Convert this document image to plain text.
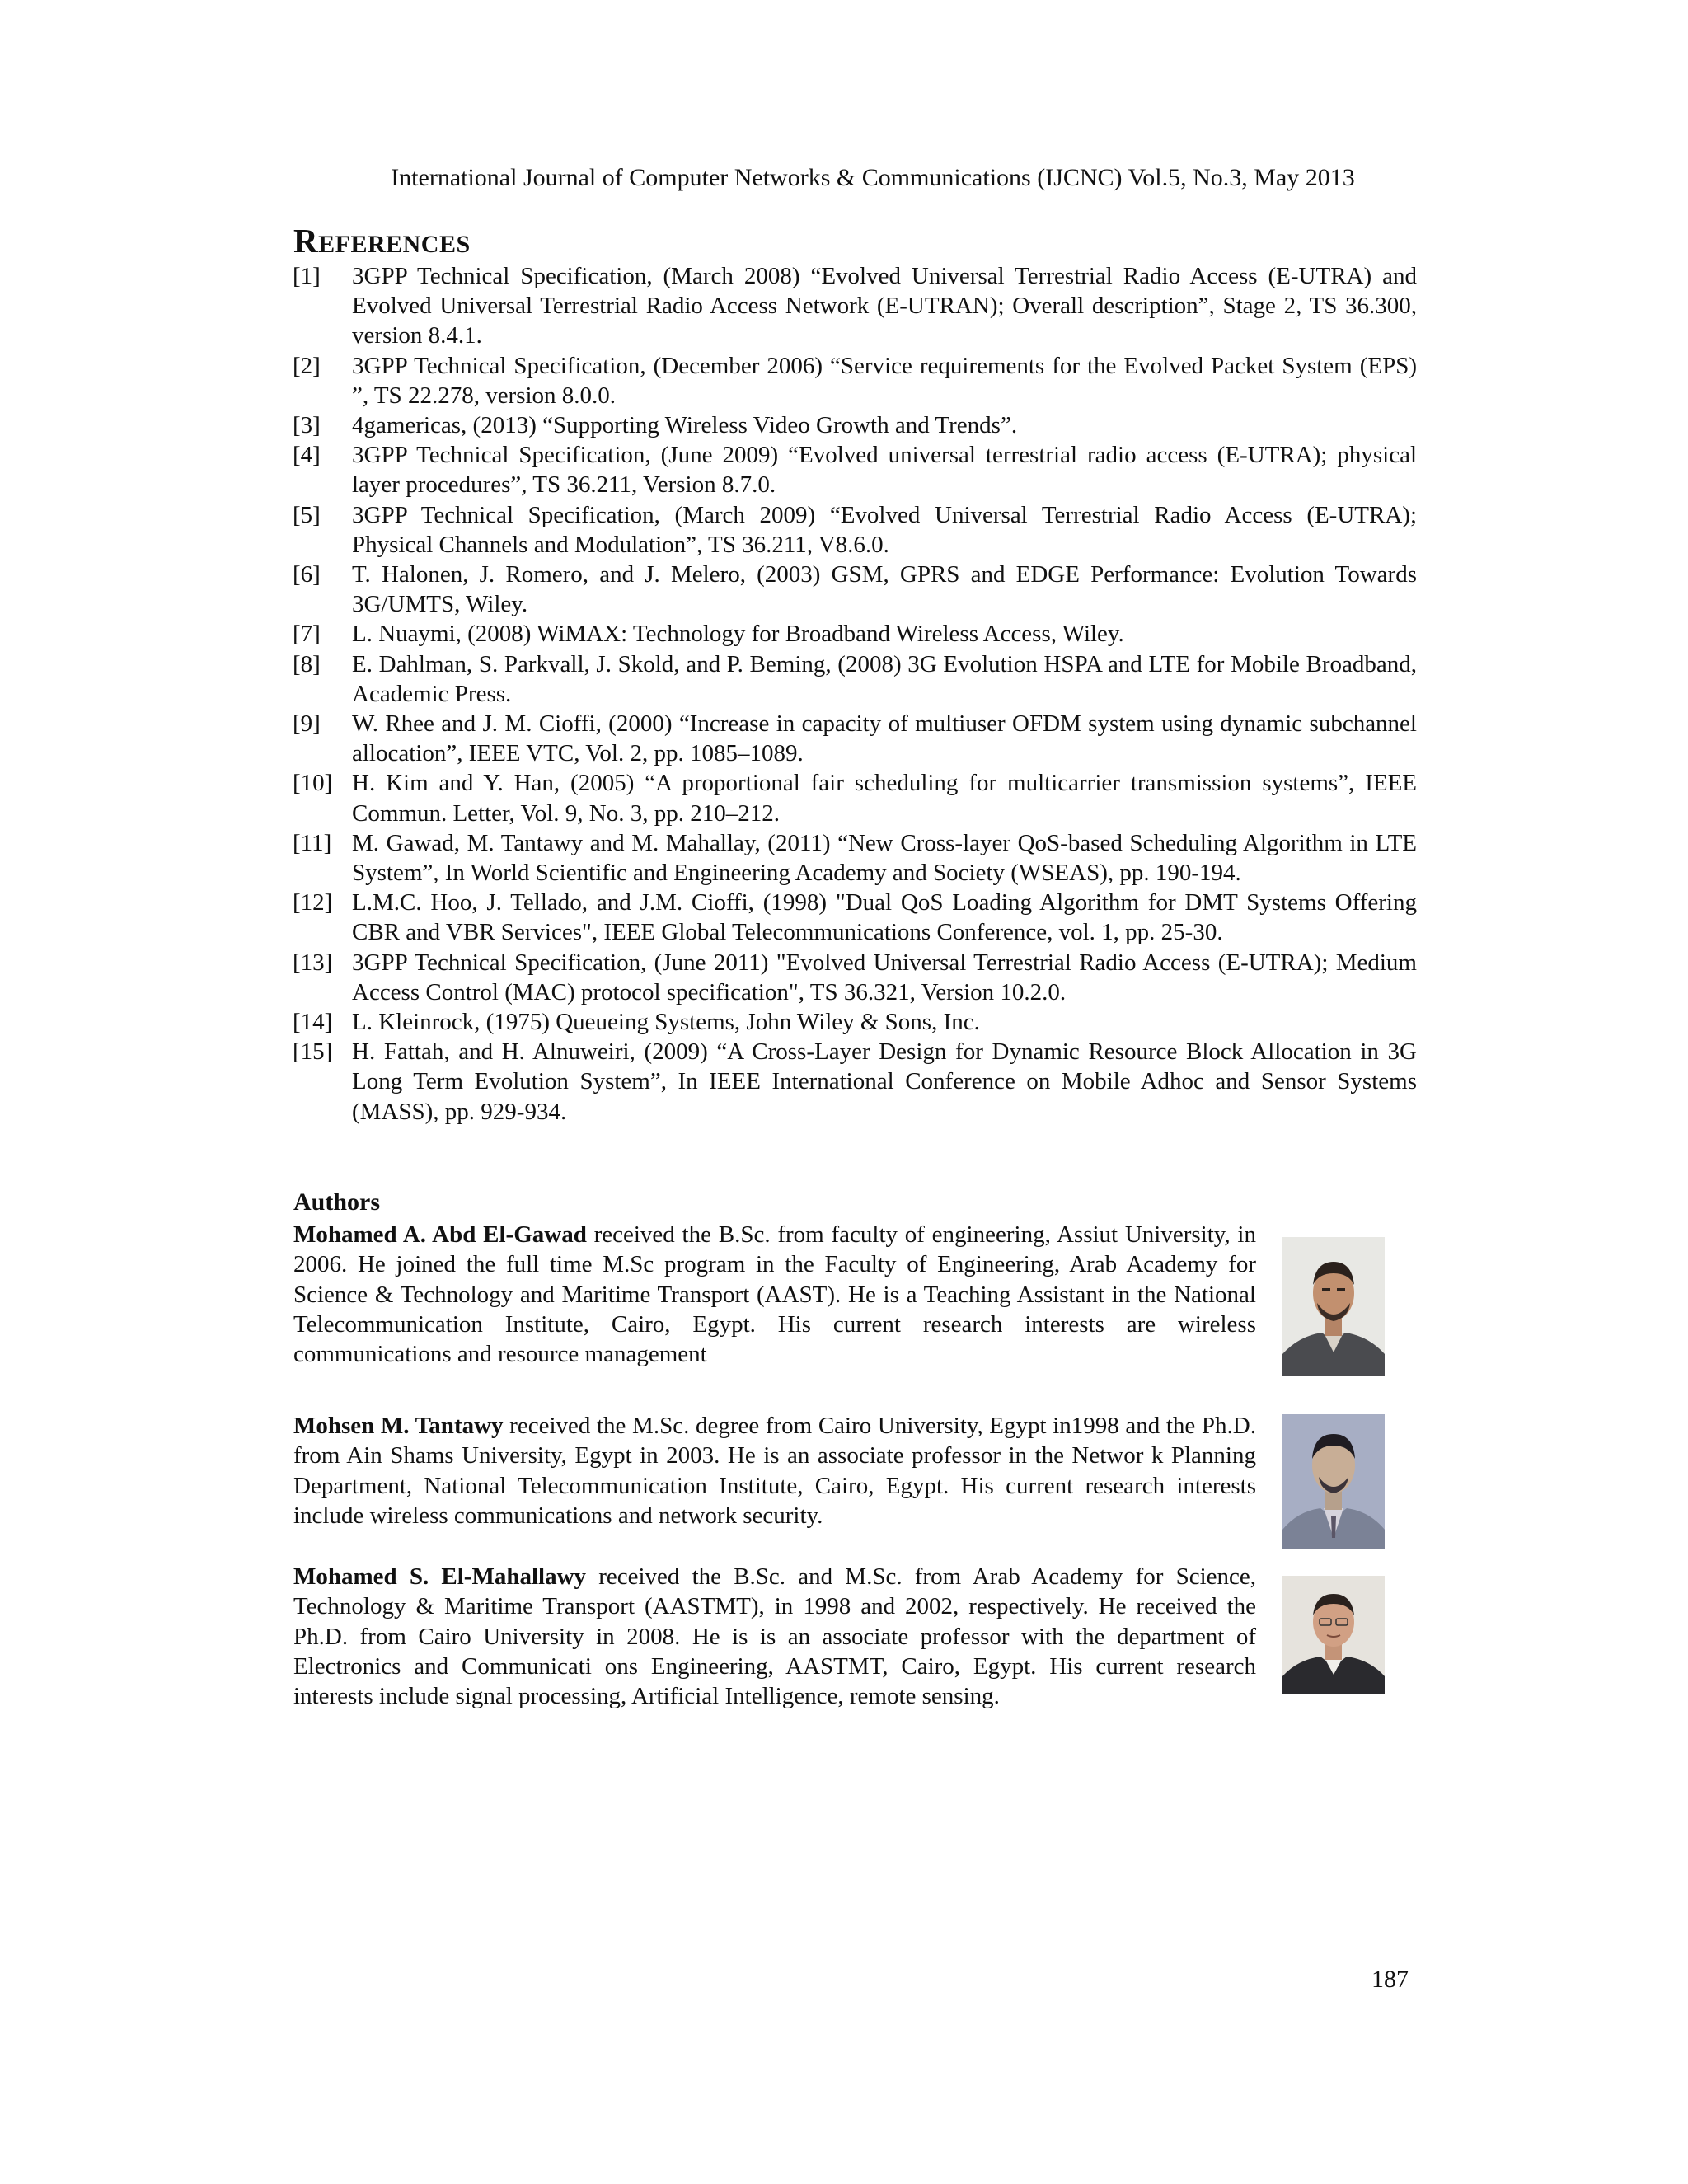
International Journal of Computer Networks & Communications (IJCNC) Vol.5, No.3, May 2013
REFERENCES
[1] 3GPP Technical Specification, (March 2008) “Evolved Universal Terrestrial Radio Access (E-UTRA) and Evolved Universal Terrestrial Radio Access Network (E-UTRAN); Overall description”, Stage 2, TS 36.300, version 8.4.1.
[2] 3GPP Technical Specification, (December 2006) “Service requirements for the Evolved Packet System (EPS) ”, TS 22.278, version 8.0.0.
[3] 4gamericas, (2013) “Supporting Wireless Video Growth and Trends”.
[4] 3GPP Technical Specification, (June 2009) “Evolved universal terrestrial radio access (E-UTRA); physical layer procedures”, TS 36.211, Version 8.7.0.
[5] 3GPP Technical Specification, (March 2009) “Evolved Universal Terrestrial Radio Access (E-UTRA); Physical Channels and Modulation”, TS 36.211, V8.6.0.
[6] T. Halonen, J. Romero, and J. Melero, (2003) GSM, GPRS and EDGE Performance: Evolution Towards 3G/UMTS, Wiley.
[7] L. Nuaymi, (2008) WiMAX: Technology for Broadband Wireless Access, Wiley.
[8] E. Dahlman, S. Parkvall, J. Skold, and P. Beming, (2008) 3G Evolution HSPA and LTE for Mobile Broadband, Academic Press.
[9] W. Rhee and J. M. Cioffi, (2000) “Increase in capacity of multiuser OFDM system using dynamic subchannel allocation”, IEEE VTC, Vol. 2, pp. 1085–1089.
[10] H. Kim and Y. Han, (2005) “A proportional fair scheduling for multicarrier transmission systems”, IEEE Commun. Letter, Vol. 9, No. 3, pp. 210–212.
[11] M. Gawad, M. Tantawy and M. Mahallay, (2011) “New Cross-layer QoS-based Scheduling Algorithm in LTE System”, In World Scientific and Engineering Academy and Society (WSEAS), pp. 190-194.
[12] L.M.C. Hoo, J. Tellado, and J.M. Cioffi, (1998) "Dual QoS Loading Algorithm for DMT Systems Offering CBR and VBR Services", IEEE Global Telecommunications Conference, vol. 1, pp. 25-30.
[13] 3GPP Technical Specification, (June 2011) "Evolved Universal Terrestrial Radio Access (E-UTRA); Medium Access Control (MAC) protocol specification", TS 36.321, Version 10.2.0.
[14] L. Kleinrock, (1975) Queueing Systems, John Wiley & Sons, Inc.
[15] H. Fattah, and H. Alnuweiri, (2009) “A Cross-Layer Design for Dynamic Resource Block Allocation in 3G Long Term Evolution System”, In IEEE International Conference on Mobile Adhoc and Sensor Systems (MASS), pp. 929-934.
Authors

Mohamed A. Abd El-Gawad received the B.Sc. from faculty of engineering, Assiut University, in 2006. He joined the full time M.Sc program in the Faculty of Engineering, Arab Academy for Science & Technology and Maritime Transport (AAST). He is a Teaching Assistant in the National Telecommunication Institute, Cairo, Egypt. His current research interests are wireless communications and resource management

Mohsen M. Tantawy received the M.Sc. degree from Cairo University, Egypt in1998 and the Ph.D. from Ain Shams University, Egypt in 2003. He is an associate professor in the Networ k Planning Department, National Telecommunication Institute, Cairo, Egypt. His current research interests include wireless communications and network security.

Mohamed S. El-Mahallawy received the B.Sc. and M.Sc. from Arab Academy for Science, Technology & Maritime Transport (AASTMT), in 1998 and 2002, respectively. He received the Ph.D. from Cairo University in 2008. He is is an associate professor with the department of Electronics and Communicati ons Engineering, AASTMT, Cairo, Egypt. His current research interests include signal processing, Artificial Intelligence, remote sensing.

187
